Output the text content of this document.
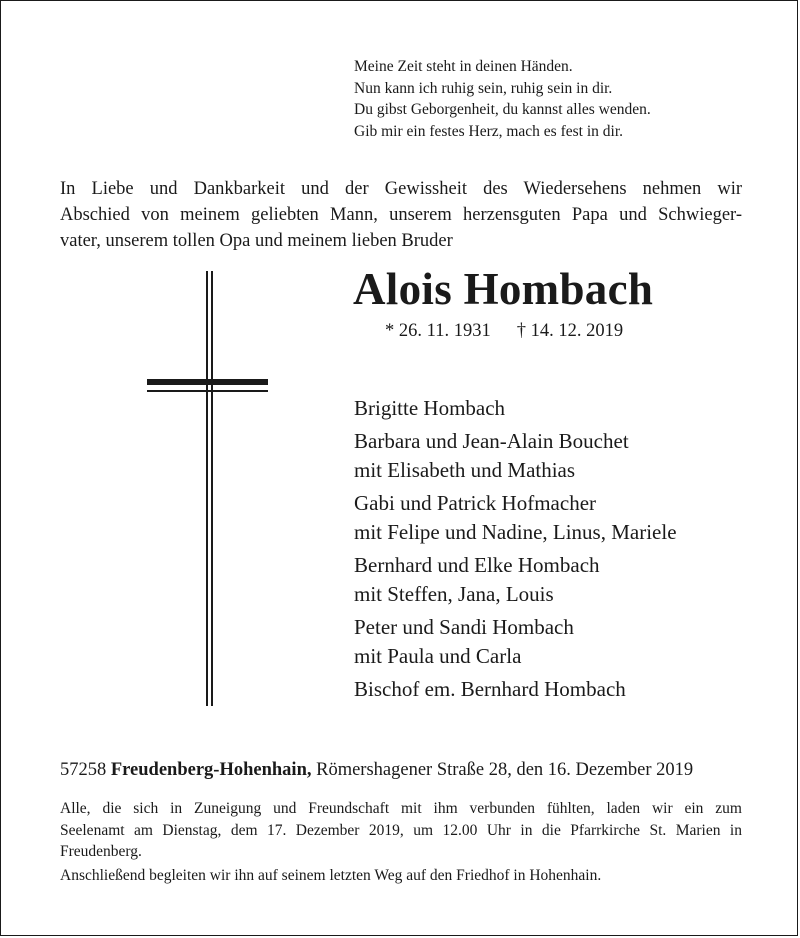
Meine Zeit steht in deinen Händen.
Nun kann ich ruhig sein, ruhig sein in dir.
Du gibst Geborgenheit, du kannst alles wenden.
Gib mir ein festes Herz, mach es fest in dir.
In Liebe und Dankbarkeit und der Gewissheit des Wiedersehens nehmen wir
Abschied von meinem geliebten Mann, unserem herzensguten Papa und Schwieger-
vater, unserem tollen Opa und meinem lieben Bruder
Alois Hombach
* 26. 11. 1931 † 14. 12. 2019
Brigitte Hombach
Barbara und Jean-Alain Bouchet
mit Elisabeth und Mathias
Gabi und Patrick Hofmacher
mit Felipe und Nadine, Linus, Mariele
Bernhard und Elke Hombach
mit Steffen, Jana, Louis
Peter und Sandi Hombach
mit Paula und Carla
Bischof em. Bernhard Hombach
57258 Freudenberg-Hohenhain, Römershagener Straße 28, den 16. Dezember 2019
Alle, die sich in Zuneigung und Freundschaft mit ihm verbunden fühlten, laden wir ein zum
Seelenamt am Dienstag, dem 17. Dezember 2019, um 12.00 Uhr in die Pfarrkirche St. Marien in
Freudenberg.
Anschließend begleiten wir ihn auf seinem letzten Weg auf den Friedhof in Hohenhain.
